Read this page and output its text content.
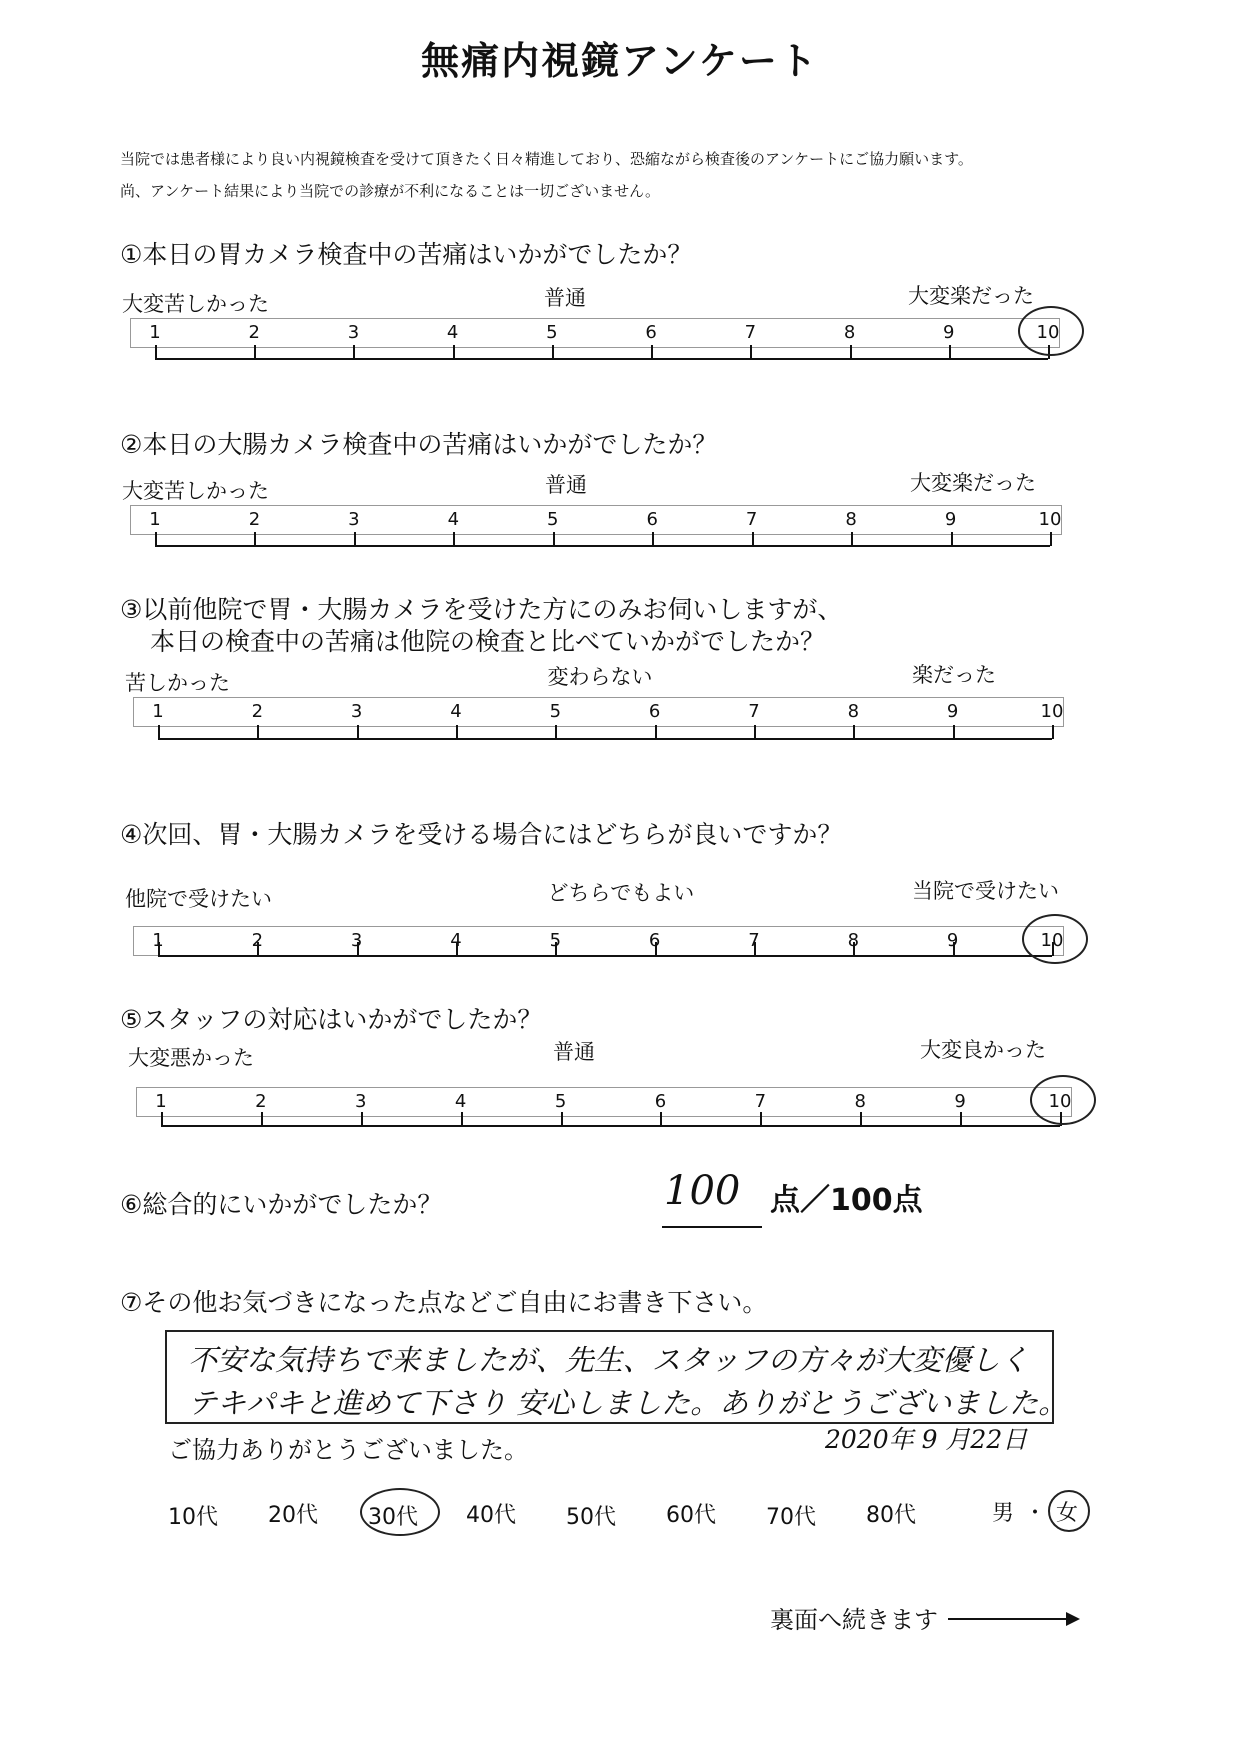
無痛内視鏡アンケート
当院では患者様により良い内視鏡検査を受けて頂きたく日々精進しており、恐縮ながら検査後のアンケートにご協力願います。
尚、アンケート結果により当院での診療が不利になることは一切ございません。
①本日の胃カメラ検査中の苦痛はいかがでしたか？
大変苦しかった	普通	大変楽だった
1	2	3	4	5	6	7	8	9	10
②本日の大腸カメラ検査中の苦痛はいかがでしたか？
大変苦しかった	普通	大変楽だった
1	2	3	4	5	6	7	8	9	10
③以前他院で胃・大腸カメラを受けた方にのみお伺いしますが、
本日の検査中の苦痛は他院の検査と比べていかがでしたか？
苦しかった	変わらない	楽だった
1	2	3	4	5	6	7	8	9	10
④次回、胃・大腸カメラを受ける場合にはどちらが良いですか？
他院で受けたい	どちらでもよい	当院で受けたい
1	2	3	4	5	6	7	8	9	10
⑤スタッフの対応はいかがでしたか？
大変悪かった	普通	大変良かった
1	2	3	4	5	6	7	8	9	10
⑥総合的にいかがでしたか？	100 点／100点
⑦その他お気づきになった点などご自由にお書き下さい。
不安な気持ちで来ましたが、先生、スタッフの方々が大変優しく
テキパキと進めて下さり 安心しました。ありがとうございました。
ご協力ありがとうございました。	2020年 9 月22日
10代 20代 30代 40代 50代 60代 70代 80代	男 ・ 女
裏面へ続きます
